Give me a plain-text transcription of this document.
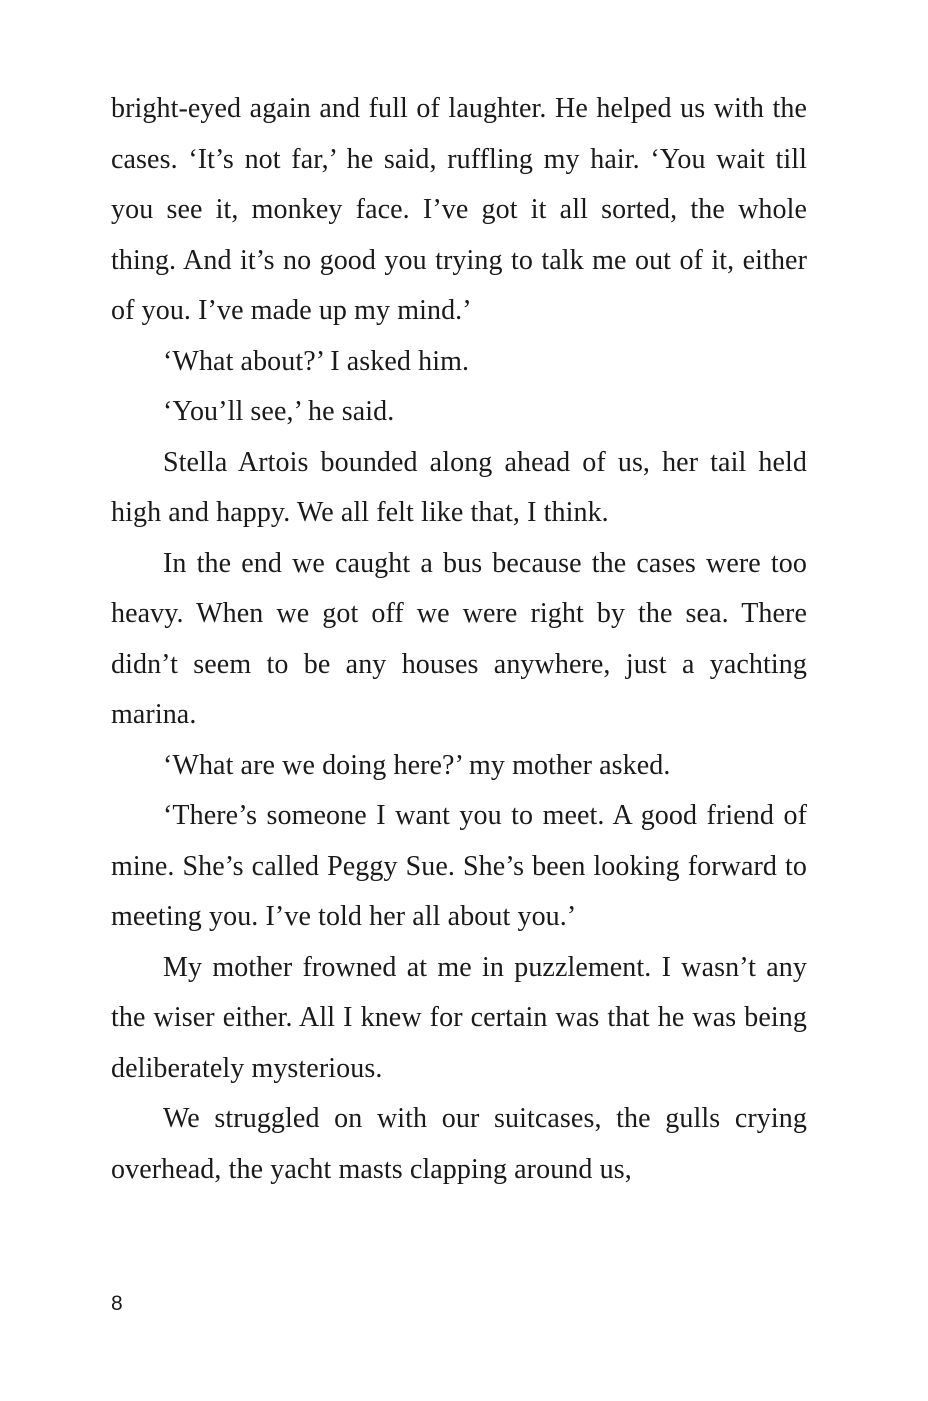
bright-eyed again and full of laughter. He helped us with the cases. ‘It’s not far,’ he said, ruffling my hair. ‘You wait till you see it, monkey face. I’ve got it all sorted, the whole thing. And it’s no good you trying to talk me out of it, either of you. I’ve made up my mind.’

‘What about?’ I asked him.

‘You’ll see,’ he said.

Stella Artois bounded along ahead of us, her tail held high and happy. We all felt like that, I think.

In the end we caught a bus because the cases were too heavy. When we got off we were right by the sea. There didn’t seem to be any houses anywhere, just a yachting marina.

‘What are we doing here?’ my mother asked.

‘There’s someone I want you to meet. A good friend of mine. She’s called Peggy Sue. She’s been looking forward to meeting you. I’ve told her all about you.’

My mother frowned at me in puzzlement. I wasn’t any the wiser either. All I knew for certain was that he was being deliberately mysterious.

We struggled on with our suitcases, the gulls crying overhead, the yacht masts clapping around us,

8
